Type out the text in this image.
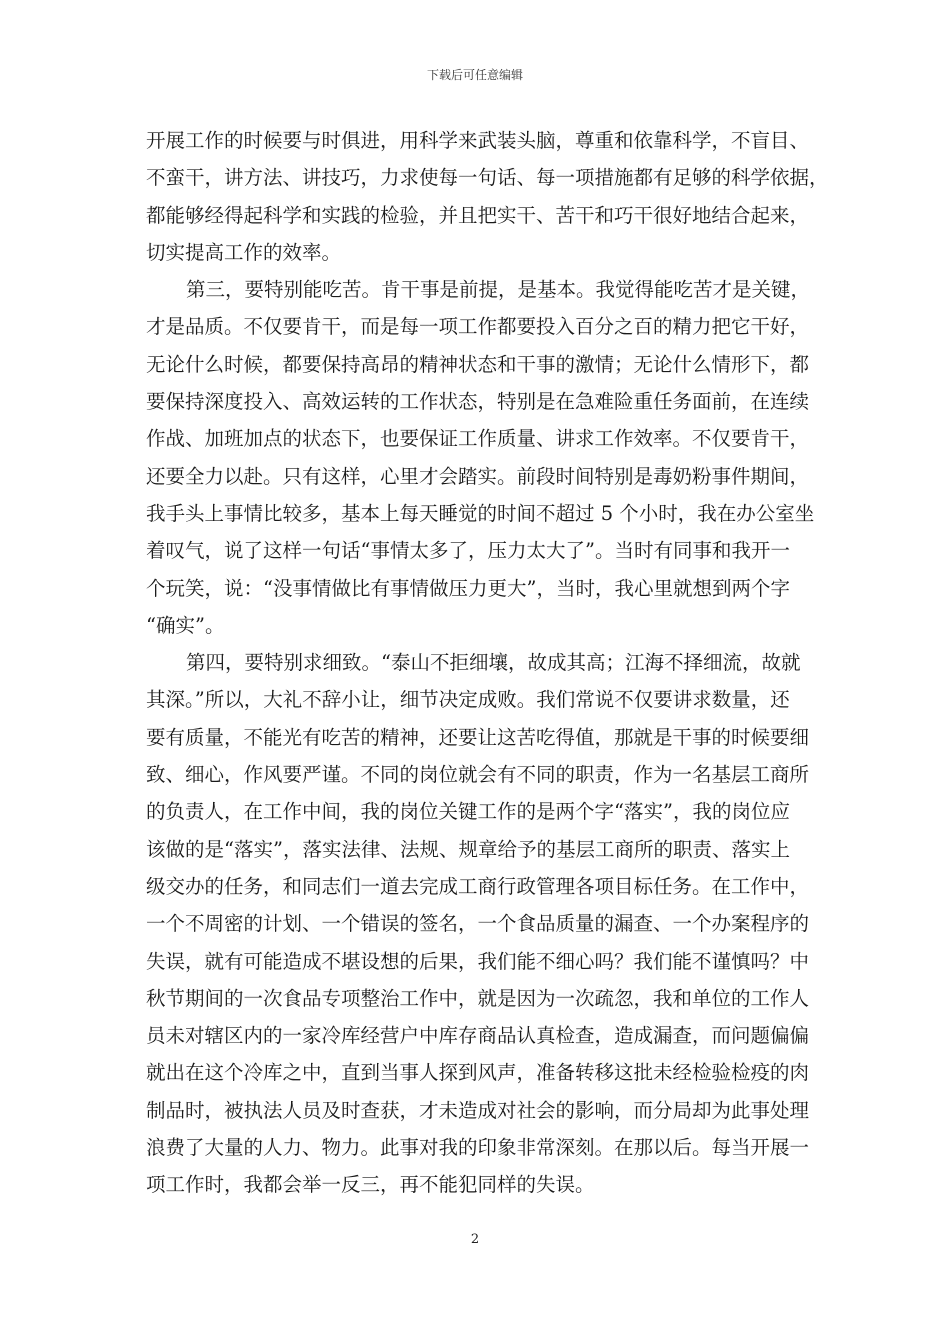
下载后可任意编辑
开展工作的时候要与时俱进，用科学来武装头脑，尊重和依靠科学，不盲目、
不蛮干，讲方法、讲技巧，力求使每一句话、每一项措施都有足够的科学依据，
都能够经得起科学和实践的检验，并且把实干、苦干和巧干很好地结合起来，
切实提高工作的效率。
第三，要特别能吃苦。肯干事是前提，是基本。我觉得能吃苦才是关键，
才是品质。不仅要肯干，而是每一项工作都要投入百分之百的精力把它干好，
无论什么时候，都要保持高昂的精神状态和干事的激情；无论什么情形下，都
要保持深度投入、高效运转的工作状态，特别是在急难险重任务面前，在连续
作战、加班加点的状态下，也要保证工作质量、讲求工作效率。不仅要肯干，
还要全力以赴。只有这样，心里才会踏实。前段时间特别是毒奶粉事件期间，
我手头上事情比较多，基本上每天睡觉的时间不超过 5 个小时，我在办公室坐
着叹气，说了这样一句话“事情太多了，压力太大了”。当时有同事和我开一
个玩笑，说：“没事情做比有事情做压力更大”，当时，我心里就想到两个字
“确实”。
第四，要特别求细致。“泰山不拒细壤，故成其高；江海不择细流，故就
其深。”所以，大礼不辞小让，细节决定成败。我们常说不仅要讲求数量，还
要有质量，不能光有吃苦的精神，还要让这苦吃得值，那就是干事的时候要细
致、细心，作风要严谨。不同的岗位就会有不同的职责，作为一名基层工商所
的负责人，在工作中间，我的岗位关键工作的是两个字“落实”，我的岗位应
该做的是“落实”，落实法律、法规、规章给予的基层工商所的职责、落实上
级交办的任务，和同志们一道去完成工商行政管理各项目标任务。在工作中，
一个不周密的计划、一个错误的签名，一个食品质量的漏查、一个办案程序的
失误，就有可能造成不堪设想的后果，我们能不细心吗？我们能不谨慎吗？中
秋节期间的一次食品专项整治工作中，就是因为一次疏忽，我和单位的工作人
员未对辖区内的一家冷库经营户中库存商品认真检查，造成漏查，而问题偏偏
就出在这个冷库之中，直到当事人探到风声，准备转移这批未经检验检疫的肉
制品时，被执法人员及时查获，才未造成对社会的影响，而分局却为此事处理
浪费了大量的人力、物力。此事对我的印象非常深刻。在那以后。每当开展一
项工作时，我都会举一反三，再不能犯同样的失误。
2
